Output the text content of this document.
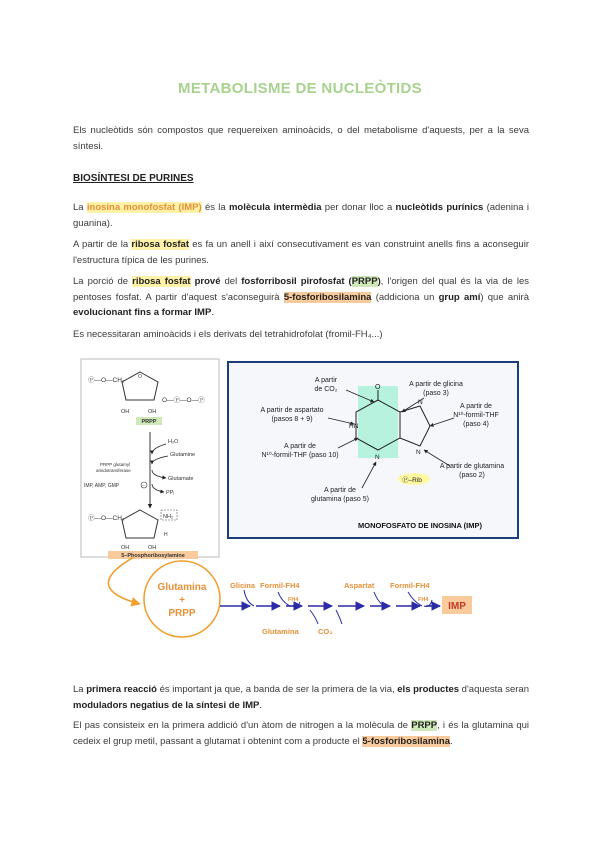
METABOLISME DE NUCLEÒTIDS
Els nucleòtids són compostos que requereixen aminoàcids, o del metabolisme d'aquests, per a la seva síntesi.
BIOSÍNTESI DE PURINES
La inosina monofosfat (IMP) és la molècula intermèdia per donar lloc a nucleòtids purínics (adenina i guanina).
A partir de la ribosa fosfat es fa un anell i així consecutivament es van construint anells fins a aconseguir l'estructura típica de les purines.
La porció de ribosa fosfat prové del fosforribosil pirofosfat (PRPP), l'origen del qual és la via de les pentoses fosfat. A partir d'aquest s'aconseguirà 5-fosforibosilamina (addiciona un grup amí) que anirà evolucionant fins a formar IMP.
Es necessitaran aminoàcids i els derivats del tetrahidrofolat (fromil-FH₄...)
Ⓟ—O—CH₂	O
O—Ⓟ—O—Ⓟ
OH	OH
PRPP
H₂O
Glutamine
PRPP glutamyl
amidotransferase
Glutamate
IMP, AMP, GMP	−
PPᵢ
Ⓟ—O—CH₂	NH₂
H
OH	OH
5–Phosphoribosylamine
O
HN
N
N
N
Ⓟ–Rib
A partir
de CO₂
A partir de glicina
(paso 3)
A partir de aspartato
(pasos 8 + 9)
A partir de
N¹⁰-formil-THF
(paso 4)
A partir de
N¹⁰-formil-THF (paso 10)
A partir de glutamina
(paso 2)
A partir de
glutamina (paso 5)
MONOFOSFATO DE INOSINA (IMP)
Glutamina
+
PRPP
Glicina Formil-FH4
FH4
Glutamina	CO₂
Aspartat Formil-FH4
FH4
IMP
La primera reacció és important ja que, a banda de ser la primera de la via, els productes d'aquesta seran moduladors negatius de la síntesi de IMP.
El pas consisteix en la primera addició d'un àtom de nitrogen a la molècula de PRPP, i és la glutamina qui cedeix el grup metil, passant a glutamat i obtenint com a producte el 5-fosforibosilamina.
